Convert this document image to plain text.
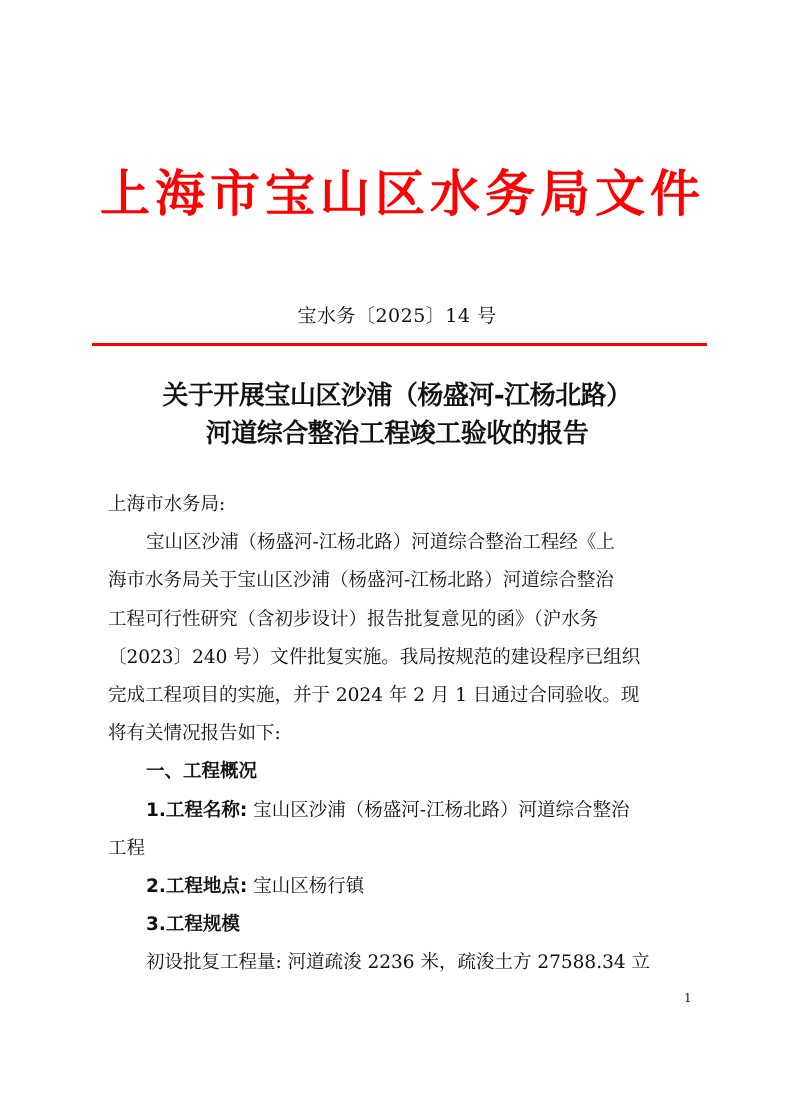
上 海 市 宝 山 区 水 务 局 文 件
宝水务〔2025〕14 号
关于开展宝山区沙浦（杨盛河-江杨北路）
河道综合整治工程竣工验收的报告
上海市水务局:
宝山区沙浦（杨盛河-江杨北路）河道综合整治工程经《上
海市水务局关于宝山区沙浦（杨盛河-江杨北路）河道综合整治
工程可行性研究（含初步设计）报告批复意见的函》（沪水务
〔2023〕240 号）文件批复实施。我局按规范的建设程序已组织
完成工程项目的实施，并于 2024 年 2 月 1 日通过合同验收。现
将有关情况报告如下:
一、工程概况
1.工程名称:
宝山区沙浦（杨盛河-江杨北路）河道综合整治
工程
2.工程地点:
宝山区杨行镇
3.工程规模
初设批复工程量: 河道疏浚 2236 米，疏浚土方 27588.34 立
1
